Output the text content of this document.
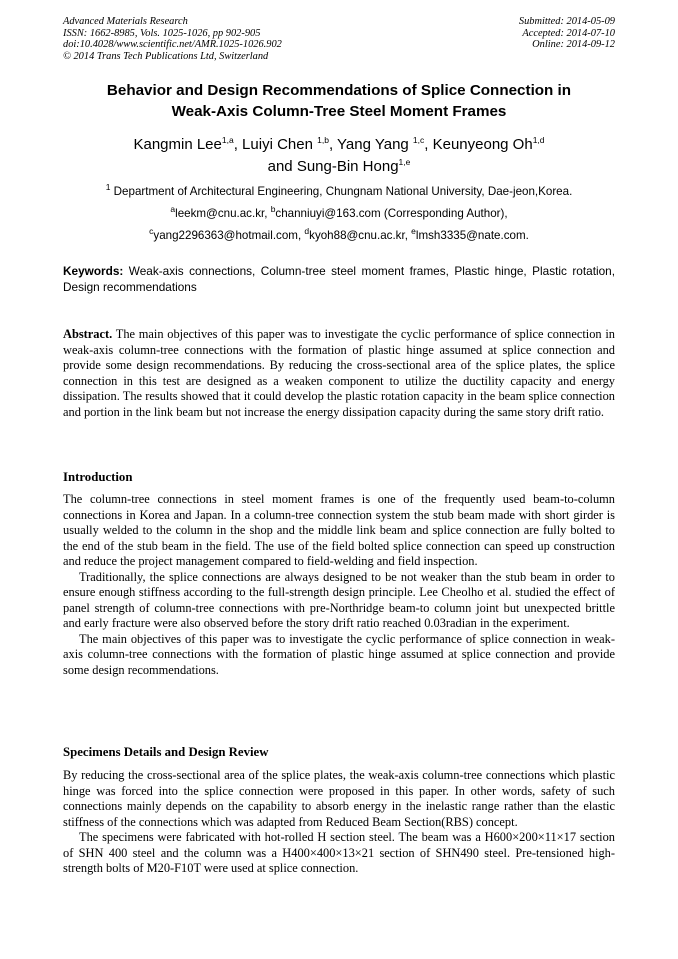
Advanced Materials Research
ISSN: 1662-8985, Vols. 1025-1026, pp 902-905
doi:10.4028/www.scientific.net/AMR.1025-1026.902
© 2014 Trans Tech Publications Ltd, Switzerland
Submitted: 2014-05-09
Accepted: 2014-07-10
Online: 2014-09-12
Behavior and Design Recommendations of Splice Connection in
Weak-Axis Column-Tree Steel Moment Frames
Kangmin Lee$^{1,a}$, Luiyi Chen $^{1,b}$, Yang Yang $^{1,c}$, Keunyeong Oh$^{1,d}$
and Sung-Bin Hong$^{1,e}$
$^1$ Department of Architectural Engineering, Chungnam National University, Dae-jeon,Korea.
$^a$leekm@cnu.ac.kr, $^b$channiuyi@163.com (Corresponding Author),
$^c$yang2296363@hotmail.com, $^d$kyoh88@cnu.ac.kr, $^e$lmsh3335@nate.com.
Keywords: Weak-axis connections, Column-tree steel moment frames, Plastic hinge, Plastic rotation, Design recommendations

Abstract. The main objectives of this paper was to investigate the cyclic performance of splice connection in weak-axis column-tree connections with the formation of plastic hinge assumed at splice connection and provide some design recommendations. By reducing the cross-sectional area of the splice plates, the splice connection in this test are designed as a weaken component to utilize the ductility capacity and energy dissipation. The results showed that it could develop the plastic rotation capacity in the beam splice connection and portion in the link beam but not increase the energy dissipation capacity during the same story drift ratio.

Introduction

The column-tree connections in steel moment frames is one of the frequently used beam-to-column connections in Korea and Japan. In a column-tree connection system the stub beam made with short girder is usually welded to the column in the shop and the middle link beam and splice connection are fully bolted to the end of the stub beam in the field. The use of the field bolted splice connection can speed up construction and reduce the project management compared to field-welding and field inspection.

Traditionally, the splice connections are always designed to be not weaker than the stub beam in order to ensure enough stiffness according to the full-strength design principle. Lee Cheolho et al. studied the effect of panel strength of column-tree connections with pre-Northridge beam-to column joint but unexpected brittle and early fracture were also observed before the story drift ratio reached 0.03radian in the experiment.

The main objectives of this paper was to investigate the cyclic performance of splice connection in weak-axis column-tree connections with the formation of plastic hinge assumed at splice connection and provide some design recommendations.

Specimens Details and Design Review

By reducing the cross-sectional area of the splice plates, the weak-axis column-tree connections which plastic hinge was forced into the splice connection were proposed in this paper. In other words, safety of such connections mainly depends on the capability to absorb energy in the inelastic range rather than the elastic stiffness of the connections which was adapted from Reduced Beam Section(RBS) concept.

The specimens were fabricated with hot-rolled H section steel. The beam was a H600×200×11×17 section of SHN 400 steel and the column was a H400×400×13×21 section of SHN490 steel. Pre-tensioned high-strength bolts of M20-F10T were used at splice connection.
